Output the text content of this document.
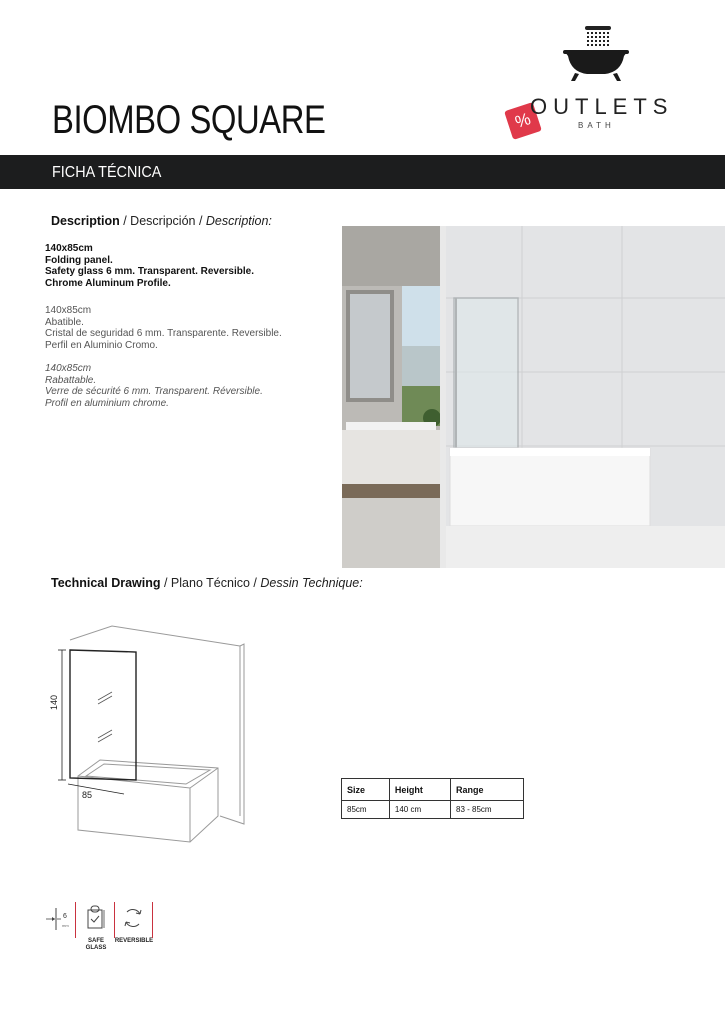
BIOMBO SQUARE	%
OUTLETS
BATH
FICHA TÉCNICA
Description / Descripción / Description:
140x85cm
Folding panel.
Safety glass 6 mm. Transparent. Reversible.
Chrome Aluminum Profile.
140x85cm
Abatible.
Cristal de seguridad 6 mm. Transparente. Reversible.
Perfil en Aluminio Cromo.
140x85cm
Rabattable.
Verre de sécurité 6 mm. Transparent. Réversible.
Profil en aluminium chrome.
Technical Drawing / Plano Técnico / Dessin Technique:
140
85
Size	Height	Range
85cm	140 cm	83 - 85cm
6
mm
SAFE
GLASS
REVERSIBLE
